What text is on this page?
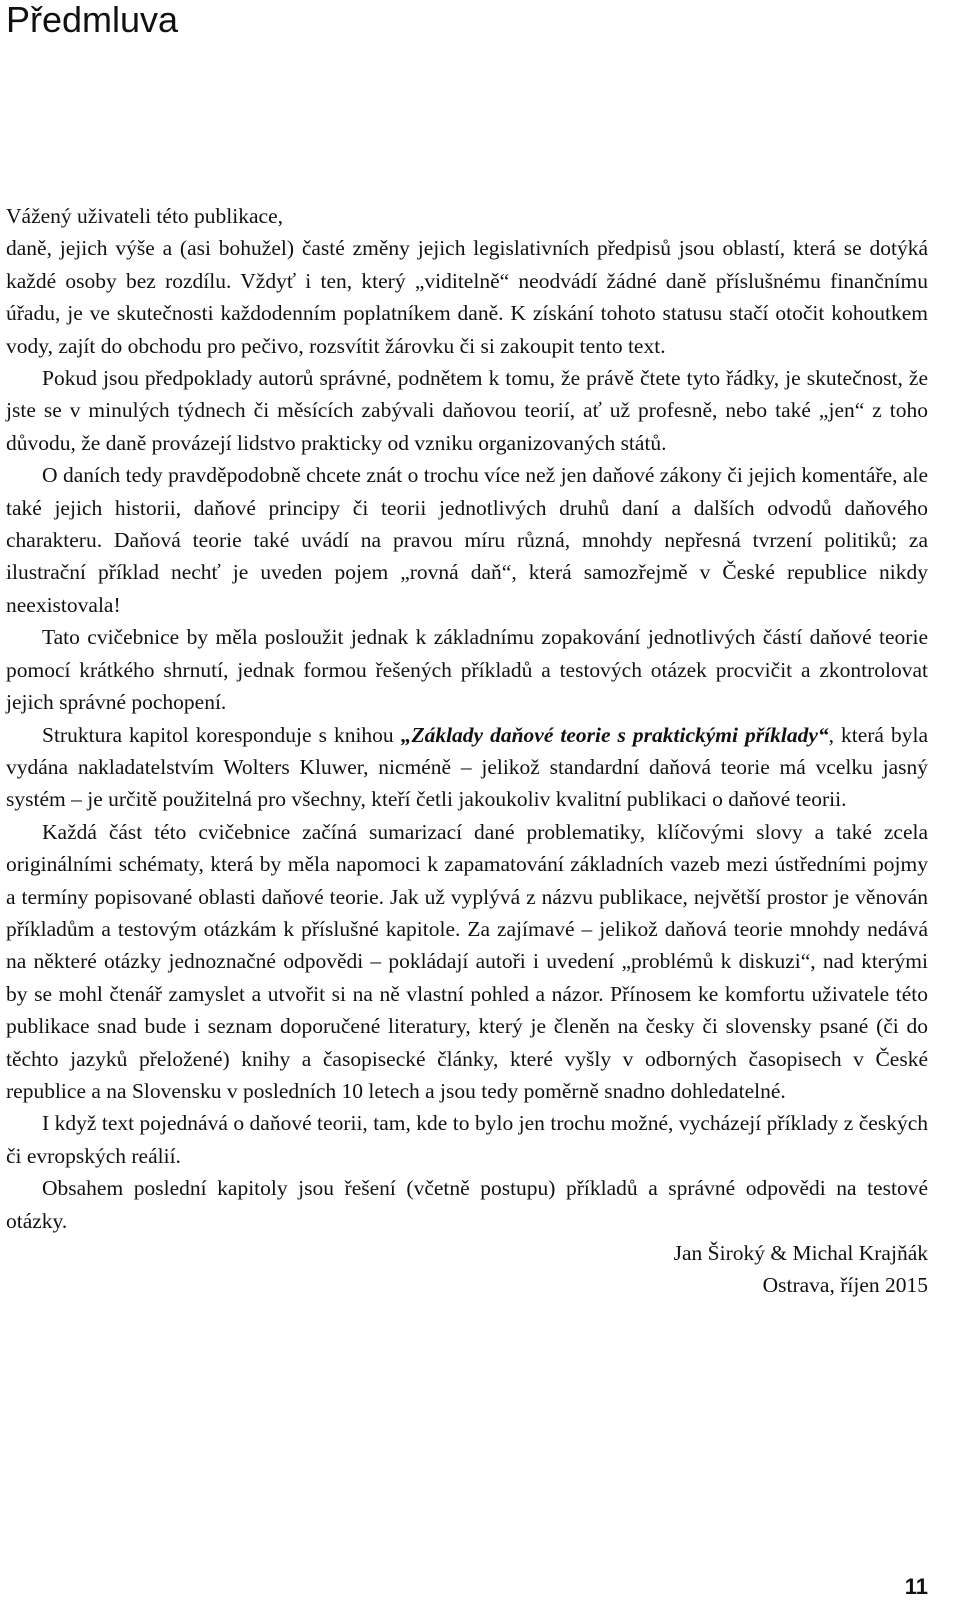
Předmluva

Vážený uživateli této publikace,

daně, jejich výše a (asi bohužel) časté změny jejich legislativních předpisů jsou oblastí, která se dotýká každé osoby bez rozdílu. Vždyť i ten, který „viditelně“ neodvádí žádné daně příslušnému finančnímu úřadu, je ve skutečnosti každodenním poplatníkem daně. K získání tohoto statusu stačí otočit kohoutkem vody, zajít do obchodu pro pečivo, rozsvítit žárovku či si zakoupit tento text.

Pokud jsou předpoklady autorů správné, podnětem k tomu, že právě čtete tyto řádky, je skutečnost, že jste se v minulých týdnech či měsících zabývali daňovou teorií, ať už profesně, nebo také „jen“ z toho důvodu, že daně provázejí lidstvo prakticky od vzniku organizovaných států.

O daních tedy pravděpodobně chcete znát o trochu více než jen daňové zákony či jejich komentáře, ale také jejich historii, daňové principy či teorii jednotlivých druhů daní a dalších odvodů daňového charakteru. Daňová teorie také uvádí na pravou míru různá, mnohdy nepřesná tvrzení politiků; za ilustrační příklad nechť je uveden pojem „rovná daň“, která samozřejmě v České republice nikdy neexistovala!

Tato cvičebnice by měla posloužit jednak k základnímu zopakování jednotlivých částí daňové teorie pomocí krátkého shrnutí, jednak formou řešených příkladů a testových otázek procvičit a zkontrolovat jejich správné pochopení.

Struktura kapitol koresponduje s knihou „Základy daňové teorie s praktickými příklady“, která byla vydána nakladatelstvím Wolters Kluwer, nicméně – jelikož standardní daňová teorie má vcelku jasný systém – je určitě použitelná pro všechny, kteří četli jakoukoliv kvalitní publikaci o daňové teorii.

Každá část této cvičebnice začíná sumarizací dané problematiky, klíčovými slovy a také zcela originálními schématy, která by měla napomoci k zapamatování základních vazeb mezi ústředními pojmy a termíny popisované oblasti daňové teorie. Jak už vyplývá z názvu publikace, největší prostor je věnován příkladům a testovým otázkám k příslušné kapitole. Za zajímavé – jelikož daňová teorie mnohdy nedává na některé otázky jednoznačné odpovědi – pokládají autoři i uvedení „problémů k diskuzi“, nad kterými by se mohl čtenář zamyslet a utvořit si na ně vlastní pohled a názor. Přínosem ke komfortu uživatele této publikace snad bude i seznam doporučené literatury, který je členěn na česky či slovensky psané (či do těchto jazyků přeložené) knihy a časopisecké články, které vyšly v odborných časopisech v České republice a na Slovensku v posledních 10 letech a jsou tedy poměrně snadno dohledatelné.

I když text pojednává o daňové teorii, tam, kde to bylo jen trochu možné, vycházejí příklady z českých či evropských reálií.

Obsahem poslední kapitoly jsou řešení (včetně postupu) příkladů a správné odpovědi na testové otázky.

Jan Široký & Michal Krajňák
Ostrava, říjen 2015
11
